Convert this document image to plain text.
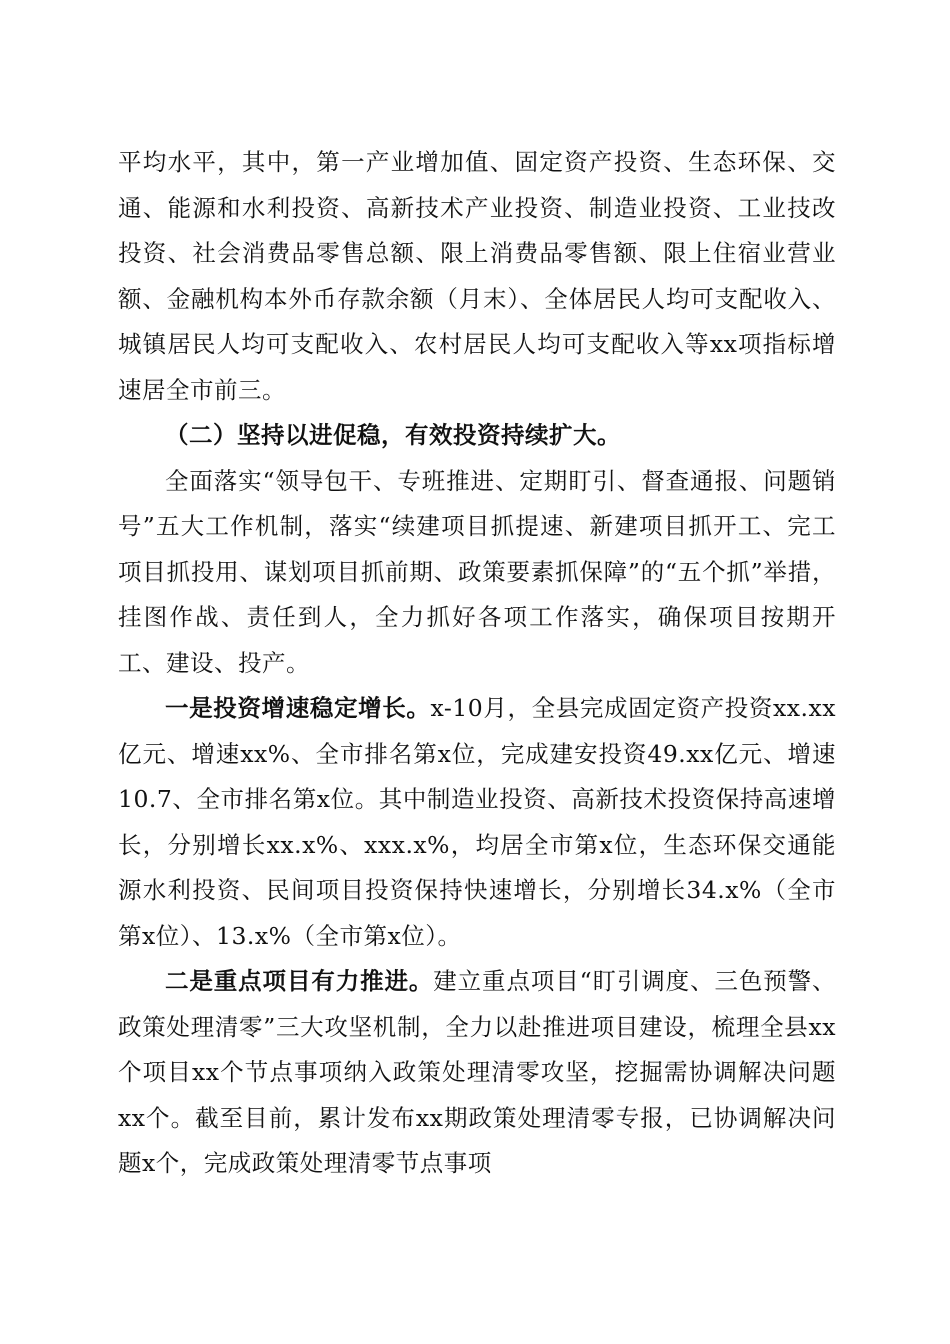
平均水平，其中，第一产业增加值、固定资产投资、生态环保、交通、能源和水利投资、高新技术产业投资、制造业投资、工业技改投资、社会消费品零售总额、限上消费品零售额、限上住宿业营业额、金融机构本外币存款余额（月末）、全体居民人均可支配收入、城镇居民人均可支配收入、农村居民人均可支配收入等xx项指标增速居全市前三。

（二）坚持以进促稳，有效投资持续扩大。

全面落实“领导包干、专班推进、定期盯引、督查通报、问题销号”五大工作机制，落实“续建项目抓提速、新建项目抓开工、完工项目抓投用、谋划项目抓前期、政策要素抓保障”的“五个抓”举措，挂图作战、责任到人，全力抓好各项工作落实，确保项目按期开工、建设、投产。

一是投资增速稳定增长。x-10月，全县完成固定资产投资xx.xx亿元、增速xx%、全市排名第x位，完成建安投资49.xx亿元、增速10.7、全市排名第x位。其中制造业投资、高新技术投资保持高速增长，分别增长xx.x%、xxx.x%，均居全市第x位，生态环保交通能源水利投资、民间项目投资保持快速增长，分别增长34.x%（全市第x位）、13.x%（全市第x位）。

二是重点项目有力推进。建立重点项目“盯引调度、三色预警、政策处理清零”三大攻坚机制，全力以赴推进项目建设，梳理全县xx个项目xx个节点事项纳入政策处理清零攻坚，挖掘需协调解决问题xx个。截至目前，累计发布xx期政策处理清零专报，已协调解决问题x个，完成政策处理清零节点事项
